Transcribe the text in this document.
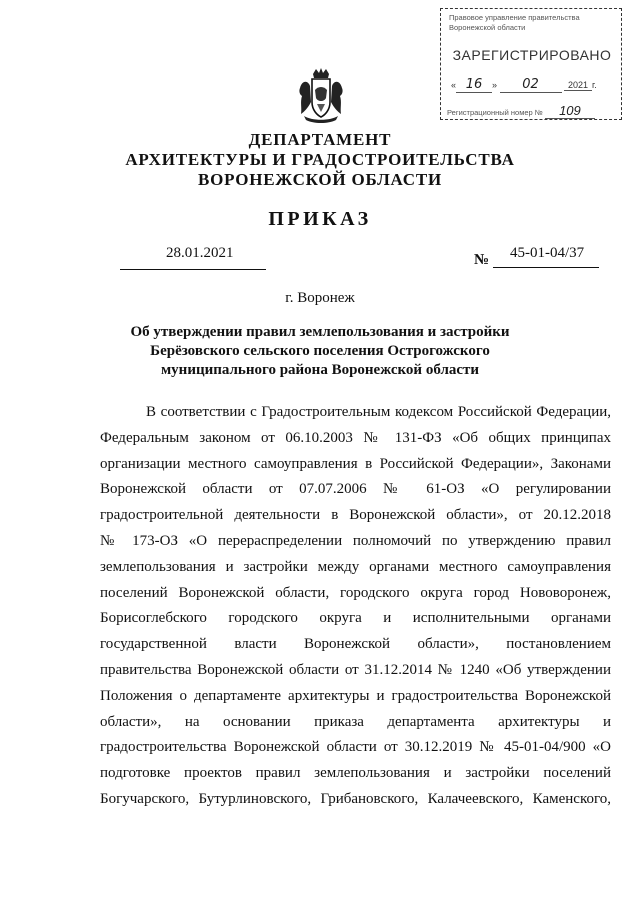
Правовое управление правительства Воронежской области
ЗАРЕГИСТРИРОВАНО
« 16 » 02	2021 г.
Регистрационный номер № 109
ДЕПАРТАМЕНТ
АРХИТЕКТУРЫ И ГРАДОСТРОИТЕЛЬСТВА
ВОРОНЕЖСКОЙ ОБЛАСТИ
ПРИКАЗ
28.01.2021	№ 45-01-04/37
г. Воронеж
Об утверждении правил землепользования и застройки Берёзовского сельского поселения Острогожского муниципального района Воронежской области
В соответствии с Градостроительным кодексом Российской Федерации,
Федеральным законом от 06.10.2003 № 131-ФЗ «Об общих принципах
организации местного самоуправления в Российской Федерации», Законами
Воронежской области от 07.07.2006 № 61-ОЗ «О регулировании
градостроительной деятельности в Воронежской области», от 20.12.2018
№ 173-ОЗ «О перераспределении полномочий по утверждению правил
землепользования и застройки между органами местного самоуправления
поселений Воронежской области, городского округа город Нововоронеж,
Борисоглебского городского округа и исполнительными органами
государственной власти Воронежской области», постановлением
правительства Воронежской области от 31.12.2014 № 1240 «Об утверждении
Положения о департаменте архитектуры и градостроительства Воронежской
области», на основании приказа департамента архитектуры и
градостроительства Воронежской области от 30.12.2019 № 45-01-04/900 «О
подготовке проектов правил землепользования и застройки поселений
Богучарского, Бутурлиновского, Грибановского, Калачеевского, Каменского,
